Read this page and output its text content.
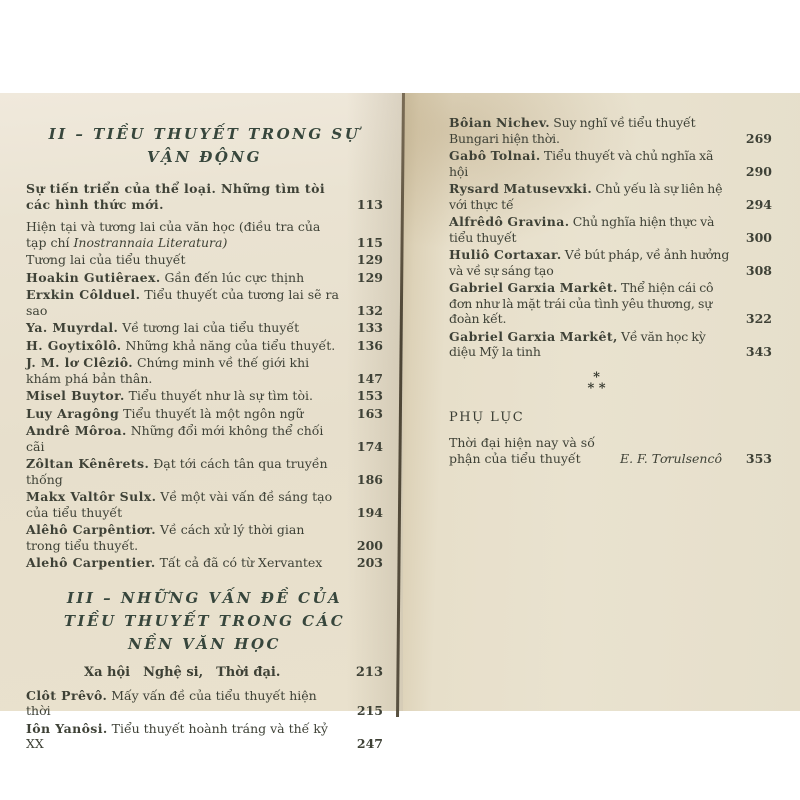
II – TIỀU THUYẾT TRONG SỰ
VẬN ĐỘNG
Sự tiến triển của thể loại. Những tìm tòi các hình thức mới.	113
Hiện tại và tương lai của văn học (điều tra của tạp chí Inostrannaia Literatura)	115
Tương lai của tiểu thuyết	129
Hoakin Gutiêraex. Gần đến lúc cực thịnh	129
Erxkin Côlduel. Tiểu thuyết của tương lai sẽ ra sao	132
Ya. Muyrdal. Về tương lai của tiểu thuyết	133
H. Goytixôlô. Những khả năng của tiểu thuyết.	136
J. M. lơ Clêziô. Chứng minh về thế giới khi khám phá bản thân.	147
Misel Buytor. Tiểu thuyết như là sự tìm tòi.	153
Luy Aragông Tiểu thuyết là một ngôn ngữ	163
Andrê Môroa. Những đổi mới không thể chối cãi	174
Zôltan Kênêrets. Đạt tới cách tân qua truyền thống	186
Makx Valtôr Sulx. Về một vài vấn đề sáng tạo của tiểu thuyết	194
Alêhô Carpêntiơr. Về cách xử lý thời gian trong tiểu thuyết.	200
Alehô Carpentier. Tất cả đã có từ Xervantex	203
III – NHỮNG VẤN ĐỀ CỦA
TIỀU THUYẾT TRONG CÁC
NỀN VĂN HỌC
Xa hội Nghệ si, Thời đại.	213
Clôt Prêvô. Mấy vấn đề của tiểu thuyết hiện thời	215
Iôn Yanôsi. Tiểu thuyết hoành tráng và thế kỷ XX	247
Bôian Nichev. Suy nghĩ về tiểu thuyết Bungari hiện thời.	269
Gabô Tolnai. Tiểu thuyết và chủ nghĩa xã hội	290
Rysard Matusevxki. Chủ yếu là sự liên hệ với thực tế	294
Alfrêdô Gravina. Chủ nghĩa hiện thực và tiểu thuyết	300
Huliô Cortaxar. Về bút pháp, về ảnh hưởng và về sự sáng tạo	308
Gabriel Garxia Markêt. Thể hiện cái cô đơn như là mặt trái của tình yêu thương, sự đoàn kết.	322
Gabriel Garxia Markêt, Về văn học kỳ diệu Mỹ la tinh	343
*
* *
PHỤ LỤC
Thời đại hiện nay và số phận của tiểu thuyết	E. F. Tơrulsencô	353
